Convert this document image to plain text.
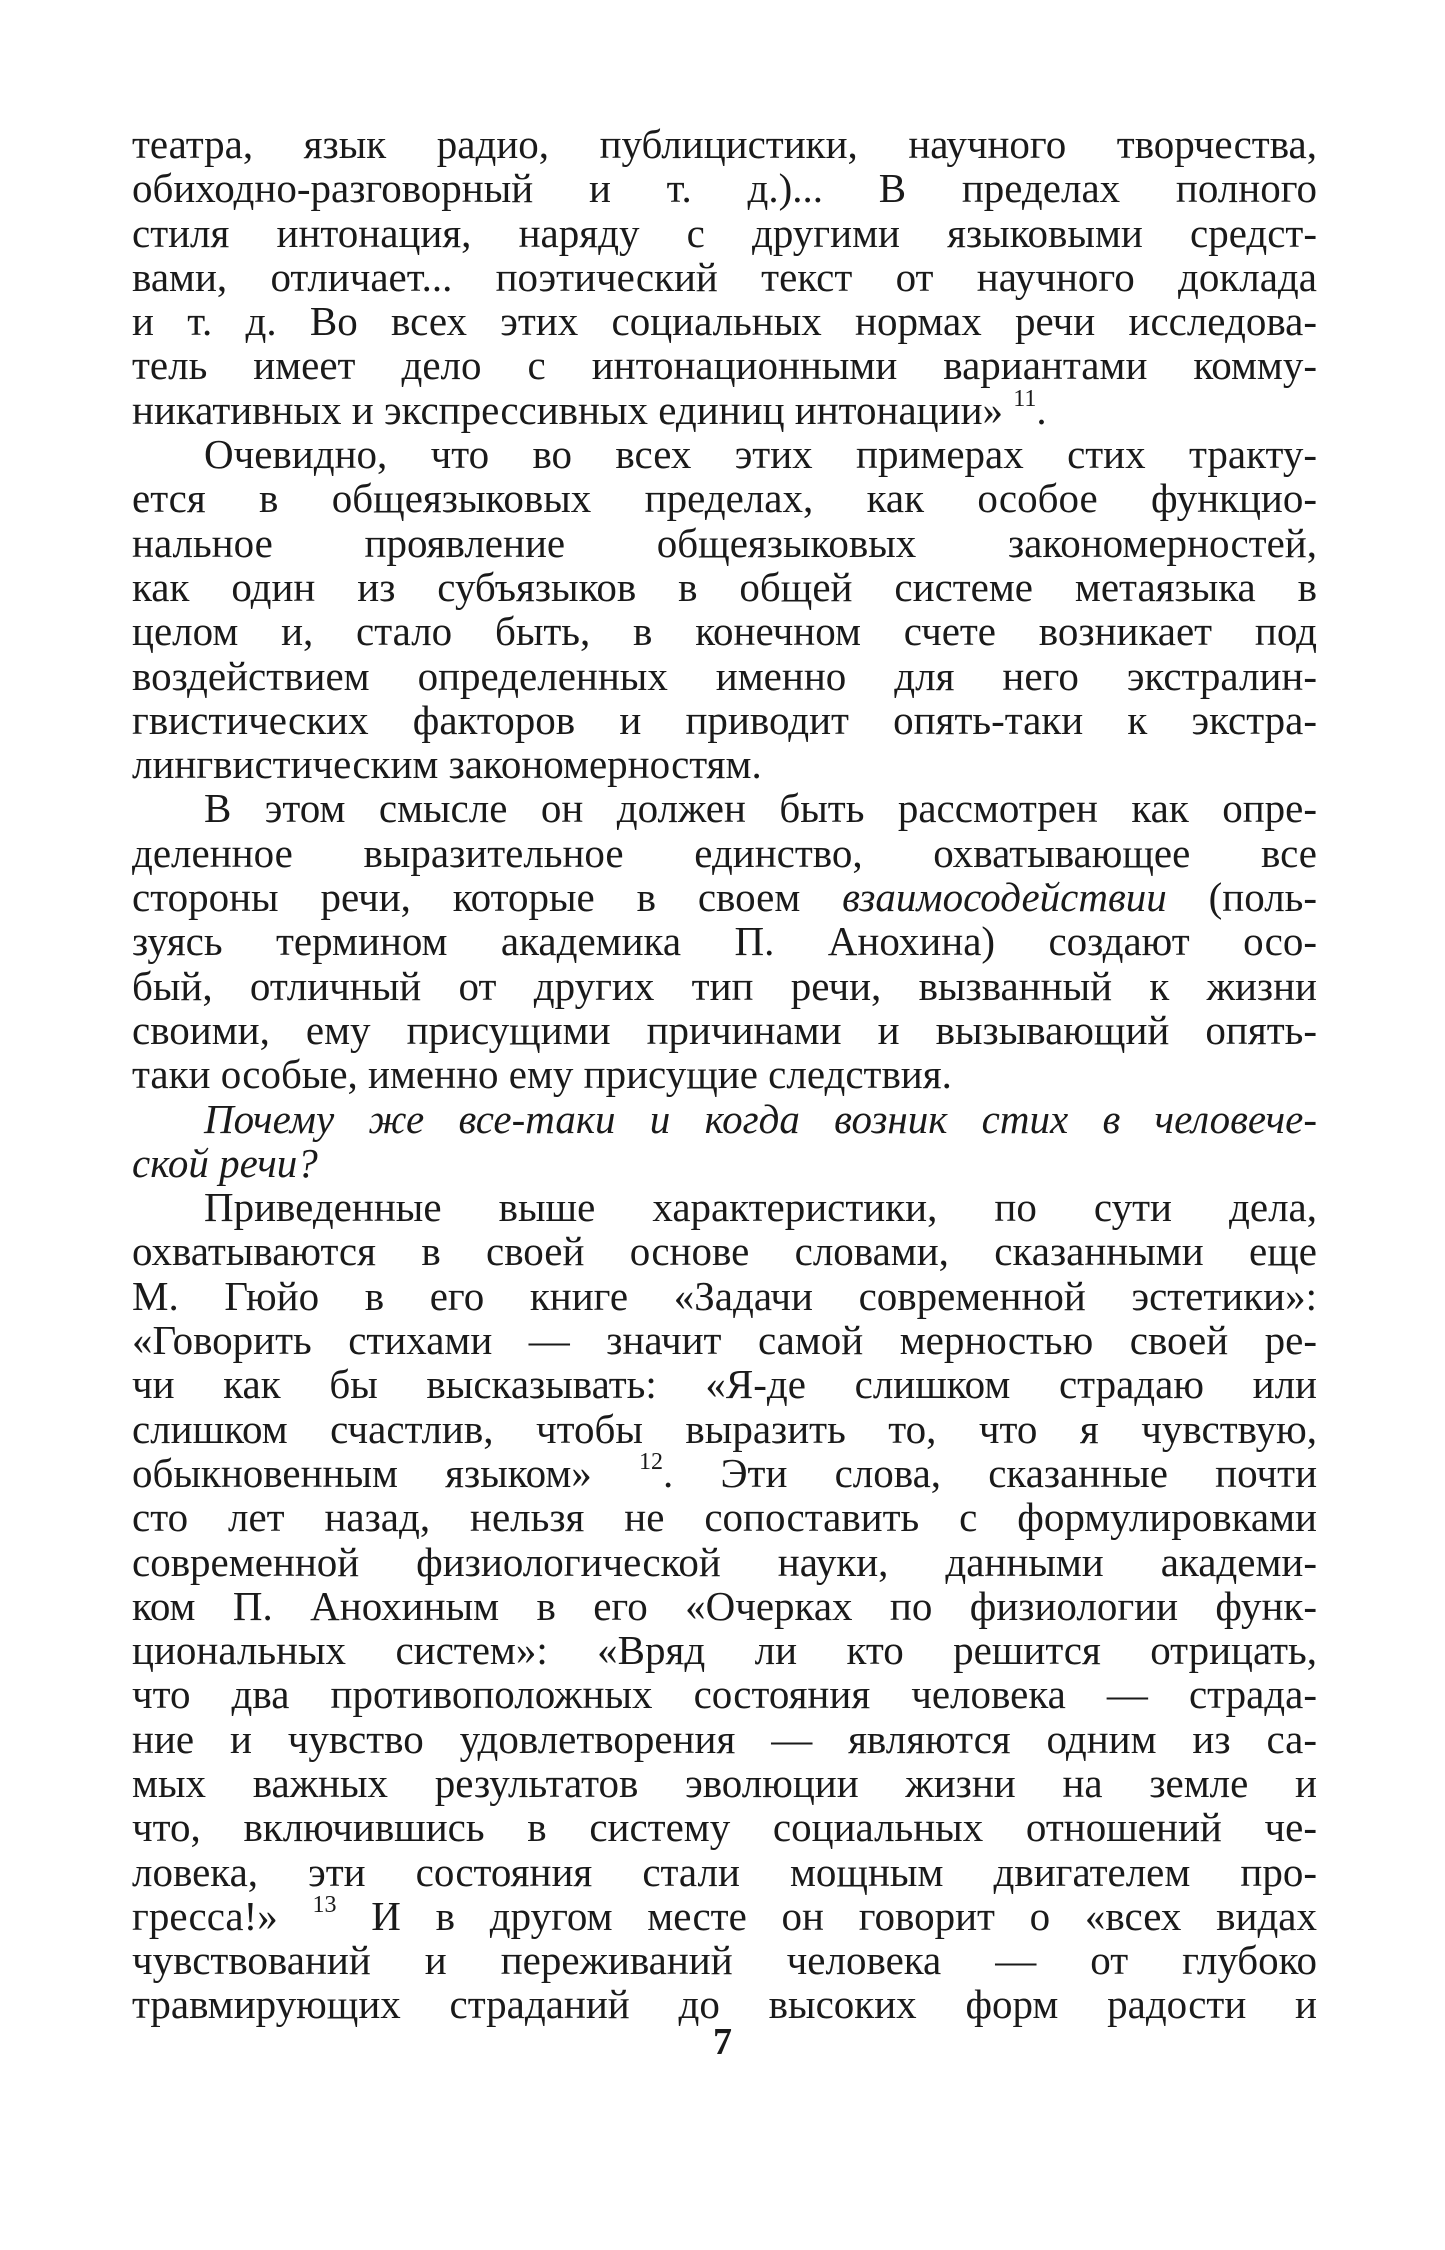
театра, язык радио, публицистики, научного творчества,
обиходно-разговорный и т. д.)... В пределах полного
стиля интонация, наряду с другими языковыми средст-
вами, отличает... поэтический текст от научного доклада
и т. д. Во всех этих социальных нормах речи исследова-
тель имеет дело с интонационными вариантами комму-
никативных и экспрессивных единиц интонации» $^{11}$.
Очевидно, что во всех этих примерах стих тракту-
ется в общеязыковых пределах, как особое функцио-
нальное проявление общеязыковых закономерностей,
как один из субъязыков в общей системе метаязыка в
целом и, стало быть, в конечном счете возникает под
воздействием определенных именно для него экстралин-
гвистических факторов и приводит опять-таки к экстра-
лингвистическим закономерностям.
В этом смысле он должен быть рассмотрен как опре-
деленное выразительное единство, охватывающее все
стороны речи, которые в своем взаимосодействии (поль-
зуясь термином академика П. Анохина) создают осо-
бый, отличный от других тип речи, вызванный к жизни
своими, ему присущими причинами и вызывающий опять-
таки особые, именно ему присущие следствия.
Почему же все-таки и когда возник стих в человече-
ской речи?
Приведенные выше характеристики, по сути дела,
охватываются в своей основе словами, сказанными еще
М. Гюйо в его книге «Задачи современной эстетики»:
«Говорить стихами — значит самой мерностью своей ре-
чи как бы высказывать: «Я-де слишком страдаю или
слишком счастлив, чтобы выразить то, что я чувствую,
обыкновенным языком» $^{12}$. Эти слова, сказанные почти
сто лет назад, нельзя не сопоставить с формулировками
современной физиологической науки, данными академи-
ком П. Анохиным в его «Очерках по физиологии функ-
циональных систем»: «Вряд ли кто решится отрицать,
что два противоположных состояния человека — страда-
ние и чувство удовлетворения — являются одним из са-
мых важных результатов эволюции жизни на земле и
что, включившись в систему социальных отношений че-
ловека, эти состояния стали мощным двигателем про-
гресса!» $^{13}$ И в другом месте он говорит о «всех видах
чувствований и переживаний человека — от глубоко
травмирующих страданий до высоких форм радости и
7
